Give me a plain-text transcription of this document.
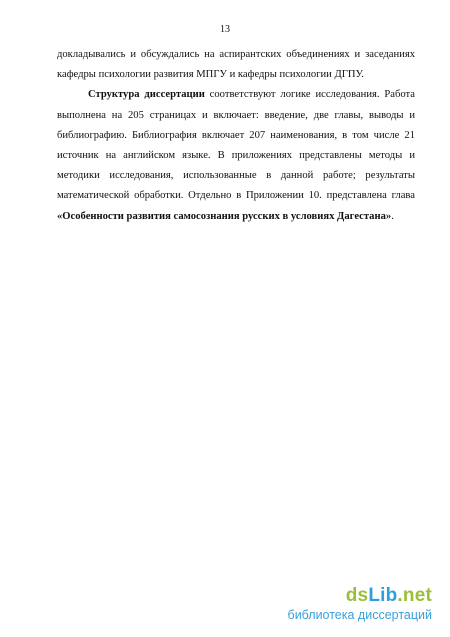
13

докладывались и обсуждались на аспирантских объединениях и заседаниях кафедры психологии развития МПГУ и кафедры психологии ДГПУ.

Структура диссертации соответствуют логике исследования. Работа выполнена на 205 страницах и включает: введение, две главы, выводы и библиографию. Библиография включает 207 наименования, в том числе 21 источник на английском языке. В приложениях представлены методы и методики исследования, использованные в данной работе; результаты математической обработки. Отдельно в Приложении 10. представлена глава «Особенности развития самосознания русских в условиях Дагестана».

dsLib.net
библиотека диссертаций
